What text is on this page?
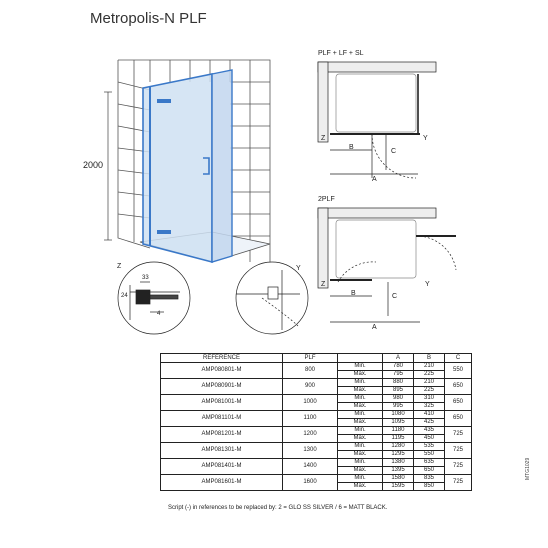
Metropolis-N PLF
2000
Z
33
24
4
Y
PLF + LF + SL
Z	Y
B
C
A
2PLF
Z	Y
B	C
A
REFERENCE	PLF		A	B	C
AMP080801-M	800	Min.	780	210	550
		Máx.	795	225	
AMP080901-M	900	Min.	880	210	650
		Máx.	895	225	
AMP081001-M	1000	Min.	980	310	650
		Máx.	995	325	
AMP081101-M	1100	Min.	1080	410	650
		Máx.	1095	425	
AMP081201-M	1200	Min.	1180	435	725
		Máx.	1195	450	
AMP081301-M	1300	Min.	1280	535	725
		Máx.	1295	550	
AMP081401-M	1400	Min.	1380	635	725
		Máx.	1395	650	
AMP081601-M	1600	Min.	1580	835	725
		Máx.	1595	850	
Script (-) in references to be replaced by: 2 = GLO SS SILVER / 6 = MATT BLACK.
MTG1029
